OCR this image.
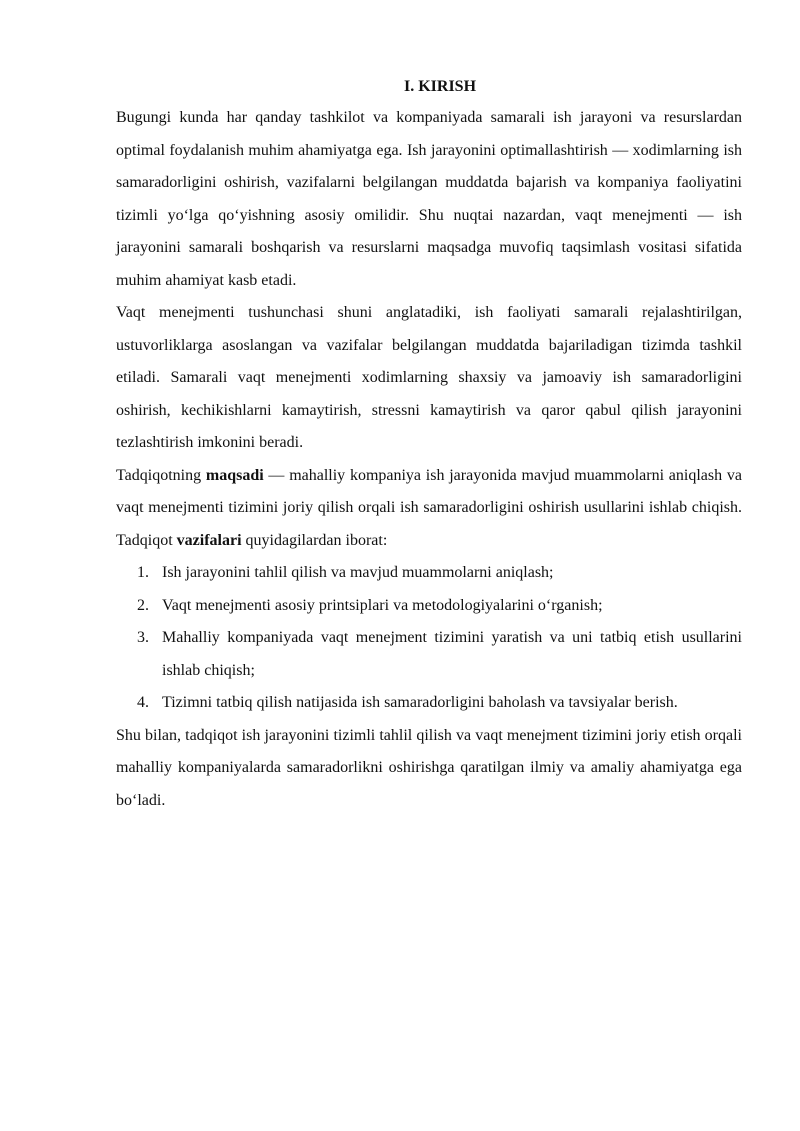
I. KIRISH

Bugungi kunda har qanday tashkilot va kompaniyada samarali ish jarayoni va resurslardan optimal foydalanish muhim ahamiyatga ega. Ish jarayonini optimallashtirish — xodimlarning ish samaradorligini oshirish, vazifalarni belgilangan muddatda bajarish va kompaniya faoliyatini tizimli yo‘lga qo‘yishning asosiy omilidir. Shu nuqtai nazardan, vaqt menejmenti — ish jarayonini samarali boshqarish va resurslarni maqsadga muvofiq taqsimlash vositasi sifatida muhim ahamiyat kasb etadi.

Vaqt menejmenti tushunchasi shuni anglatadiki, ish faoliyati samarali rejalashtirilgan, ustuvorliklarga asoslangan va vazifalar belgilangan muddatda bajariladigan tizimda tashkil etiladi. Samarali vaqt menejmenti xodimlarning shaxsiy va jamoaviy ish samaradorligini oshirish, kechikishlarni kamaytirish, stressni kamaytirish va qaror qabul qilish jarayonini tezlashtirish imkonini beradi.

Tadqiqotning maqsadi — mahalliy kompaniya ish jarayonida mavjud muammolarni aniqlash va vaqt menejmenti tizimini joriy qilish orqali ish samaradorligini oshirish usullarini ishlab chiqish. Tadqiqot vazifalari quyidagilardan iborat:

1. Ish jarayonini tahlil qilish va mavjud muammolarni aniqlash;
2. Vaqt menejmenti asosiy printsiplari va metodologiyalarini o‘rganish;
3. Mahalliy kompaniyada vaqt menejment tizimini yaratish va uni tatbiq etish usullarini ishlab chiqish;
4. Tizimni tatbiq qilish natijasida ish samaradorligini baholash va tavsiyalar berish.

Shu bilan, tadqiqot ish jarayonini tizimli tahlil qilish va vaqt menejment tizimini joriy etish orqali mahalliy kompaniyalarda samaradorlikni oshirishga qaratilgan ilmiy va amaliy ahamiyatga ega bo‘ladi.
